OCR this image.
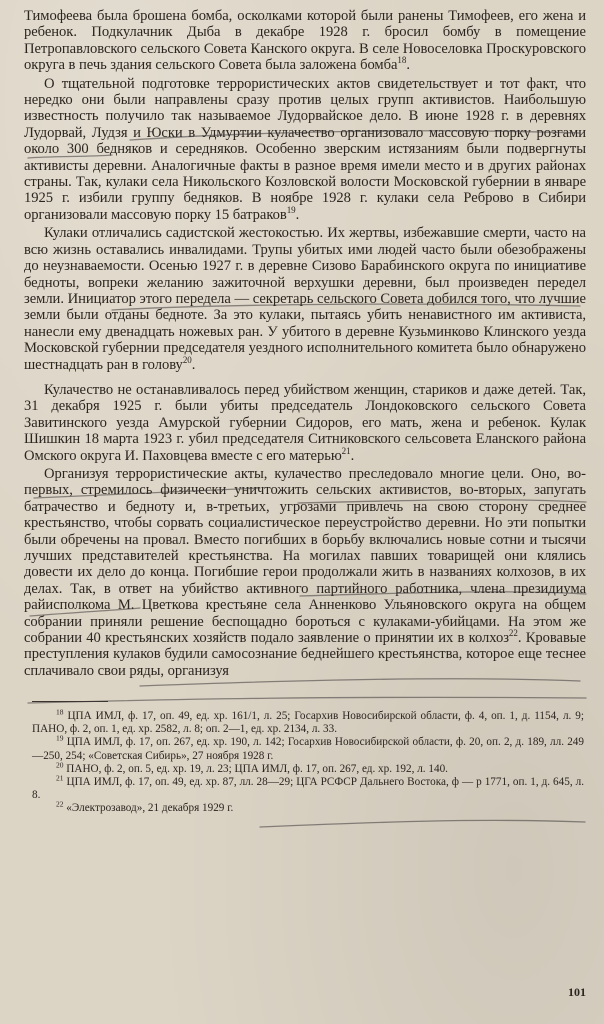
Тимофеева была брошена бомба, осколками которой были ранены Тимофеев, его жена и ребенок. Подкулачник Дыба в декабре 1928 г. бросил бомбу в помещение Петропавловского сельского Совета Канского округа. В селе Новоселовка Проскуровского округа в печь здания сельского Совета была заложена бомба$^{18}$.

О тщательной подготовке террористических актов свидетельствует и тот факт, что нередко они были направлены сразу против целых групп активистов. Наибольшую известность получило так называемое Лудорвайское дело. В июне 1928 г. в деревнях Лудорвай, Лудзя и Юски в Удмуртии кулачество организовало массовую порку розгами около 300 бедняков и середняков. Особенно зверским истязаниям были подвергнуты активисты деревни. Аналогичные факты в разное время имели место и в других районах страны. Так, кулаки села Никольского Козловской волости Московской губернии в январе 1925 г. избили группу бедняков. В ноябре 1928 г. кулаки села Реброво в Сибири организовали массовую порку 15 батраков$^{19}$.

Кулаки отличались садистской жестокостью. Их жертвы, избежавшие смерти, часто на всю жизнь оставались инвалидами. Трупы убитых ими людей часто были обезображены до неузнаваемости. Осенью 1927 г. в деревне Сизово Барабинского округа по инициативе бедноты, вопреки желанию зажиточной верхушки деревни, был произведен передел земли. Инициатор этого передела — секретарь сельского Совета добился того, что лучшие земли были отданы бедноте. За это кулаки, пытаясь убить ненавистного им активиста, нанесли ему двенадцать ножевых ран. У убитого в деревне Кузьминково Клинского уезда Московской губернии председателя уездного исполнительного комитета было обнаружено шестнадцать ран в голову$^{20}$.

Кулачество не останавливалось перед убийством женщин, стариков и даже детей. Так, 31 декабря 1925 г. были убиты председатель Лондоковского сельского Совета Завитинского уезда Амурской губернии Сидоров, его мать, жена и ребенок. Кулак Шишкин 18 марта 1923 г. убил председателя Ситниковского сельсовета Еланского района Омского округа И. Паховцева вместе с его матерью$^{21}$.

Организуя террористические акты, кулачество преследовало многие цели. Оно, во-первых, стремилось физически уничтожить сельских активистов, во-вторых, запугать батрачество и бедноту и, в-третьих, угрозами привлечь на свою сторону среднее крестьянство, чтобы сорвать социалистическое переустройство деревни. Но эти попытки были обречены на провал. Вместо погибших в борьбу включались новые сотни и тысячи лучших представителей крестьянства. На могилах павших товарищей они клялись довести их дело до конца. Погибшие герои продолжали жить в названиях колхозов, в их делах. Так, в ответ на убийство активного партийного работника, члена президиума райисполкома М. Цветкова крестьяне села Анненково Ульяновского округа на общем собрании приняли решение беспощадно бороться с кулаками-убийцами. На этом же собрании 40 крестьянских хозяйств подало заявление о принятии их в колхоз$^{22}$. Кровавые преступления кулаков будили самосознание беднейшего крестьянства, которое еще теснее сплачивало свои ряды, организуя

$^{18}$ ЦПА ИМЛ, ф. 17, оп. 49, ед. хр. 161/1, л. 25; Госархив Новосибирской области, ф. 4, оп. 1, д. 1154, л. 9; ПАНО, ф. 2, оп. 1, ед. хр. 2582, л. 8; оп. 2—1, ед. хр. 2134, л. 33.

$^{19}$ ЦПА ИМЛ, ф. 17, оп. 267, ед. хр. 190, л. 142; Госархив Новосибирской области, ф. 20, оп. 2, д. 189, лл. 249—250, 254; «Советская Сибирь», 27 ноября 1928 г.

$^{20}$ ПАНО, ф. 2, оп. 5, ед. хр. 19, л. 23; ЦПА ИМЛ, ф. 17, оп. 267, ед. хр. 192, л. 140.

$^{21}$ ЦПА ИМЛ, ф. 17, оп. 49, ед. хр. 87, лл. 28—29; ЦГА РСФСР Дальнего Востока, ф — р 1771, оп. 1, д. 645, л. 8.

$^{22}$ «Электрозавод», 21 декабря 1929 г.

101
